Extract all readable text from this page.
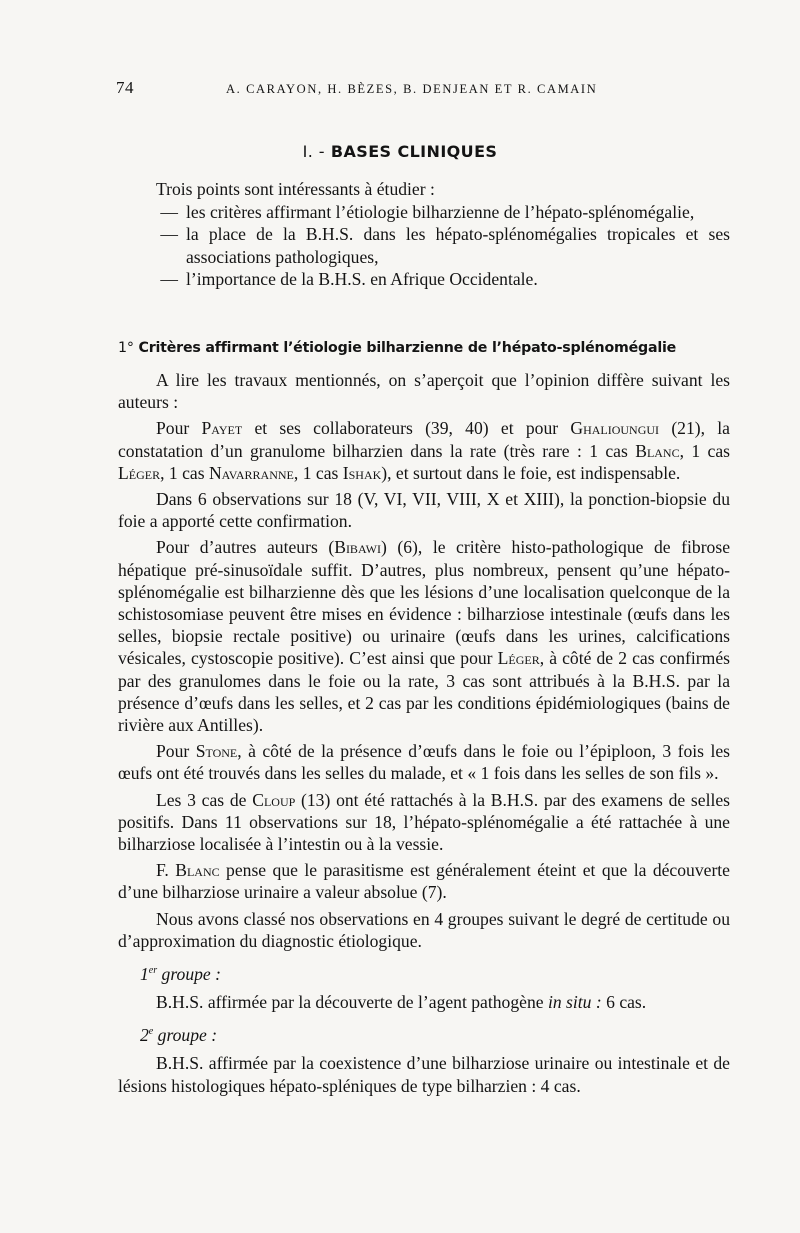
74	A. CARAYON, H. BÈZES, B. DENJEAN ET R. CAMAIN
I. - BASES CLINIQUES

Trois points sont intéressants à étudier :

— les critères affirmant l’étiologie bilharzienne de l’hépato-splénomégalie,
— la place de la B.H.S. dans les hépato-splénomégalies tropicales et ses associations pathologiques,
— l’importance de la B.H.S. en Afrique Occidentale.
1° Critères affirmant l’étiologie bilharzienne de l’hépato-splénomégalie

A lire les travaux mentionnés, on s’aperçoit que l’opinion diffère suivant les auteurs :

Pour Payet et ses collaborateurs (39, 40) et pour Ghalioungui (21), la constatation d’un granulome bilharzien dans la rate (très rare : 1 cas Blanc, 1 cas Léger, 1 cas Navarranne, 1 cas Ishak), et surtout dans le foie, est indispensable.

Dans 6 observations sur 18 (V, VI, VII, VIII, X et XIII), la ponction-biopsie du foie a apporté cette confirmation.

Pour d’autres auteurs (Bibawi) (6), le critère histo-pathologique de fibrose hépatique pré-sinusoïdale suffit. D’autres, plus nombreux, pensent qu’une hépato-splénomégalie est bilharzienne dès que les lésions d’une localisation quelconque de la schistosomiase peuvent être mises en évidence : bilharziose intestinale (œufs dans les selles, biopsie rectale positive) ou urinaire (œufs dans les urines, calcifications vésicales, cystoscopie positive). C’est ainsi que pour Léger, à côté de 2 cas confirmés par des granulomes dans le foie ou la rate, 3 cas sont attribués à la B.H.S. par la présence d’œufs dans les selles, et 2 cas par les conditions épidémiologiques (bains de rivière aux Antilles).

Pour Stone, à côté de la présence d’œufs dans le foie ou l’épiploon, 3 fois les œufs ont été trouvés dans les selles du malade, et « 1 fois dans les selles de son fils ».

Les 3 cas de Cloup (13) ont été rattachés à la B.H.S. par des examens de selles positifs. Dans 11 observations sur 18, l’hépato-splénomégalie a été rattachée à une bilharziose localisée à l’intestin ou à la vessie.

F. Blanc pense que le parasitisme est généralement éteint et que la découverte d’une bilharziose urinaire a valeur absolue (7).

Nous avons classé nos observations en 4 groupes suivant le degré de certitude ou d’approximation du diagnostic étiologique.

1er groupe :

B.H.S. affirmée par la découverte de l’agent pathogène in situ : 6 cas.

2e groupe :

B.H.S. affirmée par la coexistence d’une bilharziose urinaire ou intestinale et de lésions histologiques hépato-spléniques de type bilharzien : 4 cas.
